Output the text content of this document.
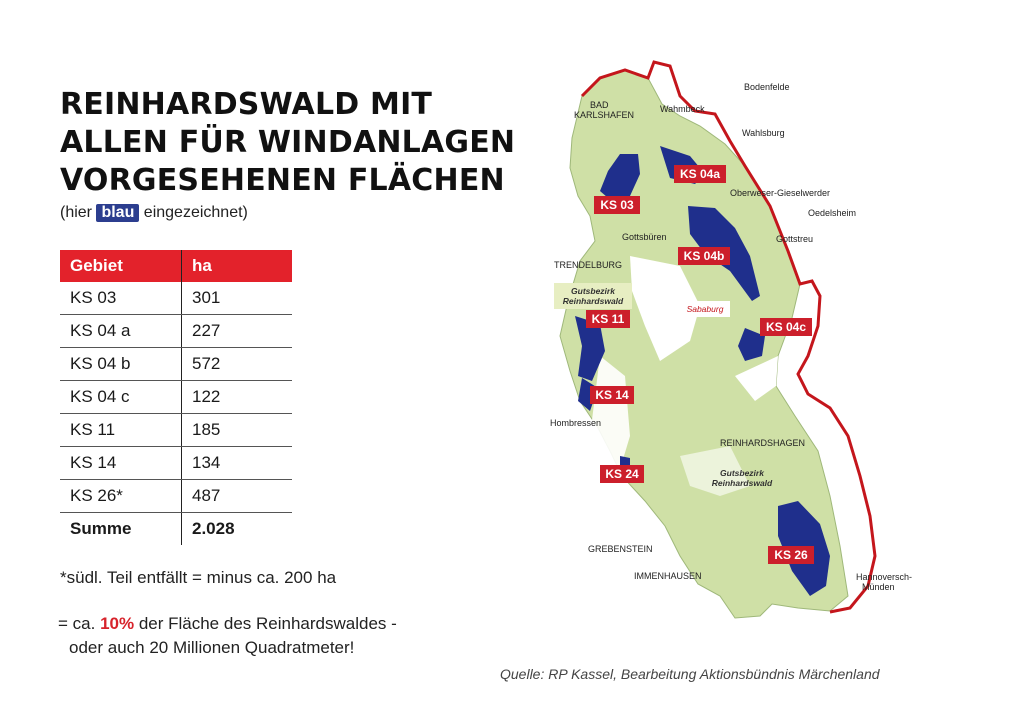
REINHARDSWALD MIT
ALLEN FÜR WINDANLAGEN
VORGESEHENEN FLÄCHEN
(hier blau eingezeichnet)
Gebiet	ha
KS 03	301
KS 04 a	227
KS 04 b	572
KS 04 c	122
KS 11	185
KS 14	134
KS 26*	487
Summe	2.028
*südl. Teil entfällt = minus ca. 200 ha
= ca. 10% der Fläche des Reinhardswaldes -
oder auch 20 Millionen Quadratmeter!
Quelle: RP Kassel, Bearbeitung Aktionsbündnis Märchenland
KS 04a
KS 03
KS 04b
KS 11
KS 04c
KS 14
KS 24
KS 26
Bodenfelde
BAD
KARLSHAFEN
Wahmbeck
Wahlsburg
Oberweser-Gieselwerder
Oedelsheim
Gottsbüren	Gottstreu
TRENDELBURG
Gutsbezirk
Reinhardswald
Sababurg
Hombressen
REINHARDSHAGEN
Gutsbezirk
Reinhardswald
GREBENSTEIN
IMMENHAUSEN	Hannoversch-
Münden
